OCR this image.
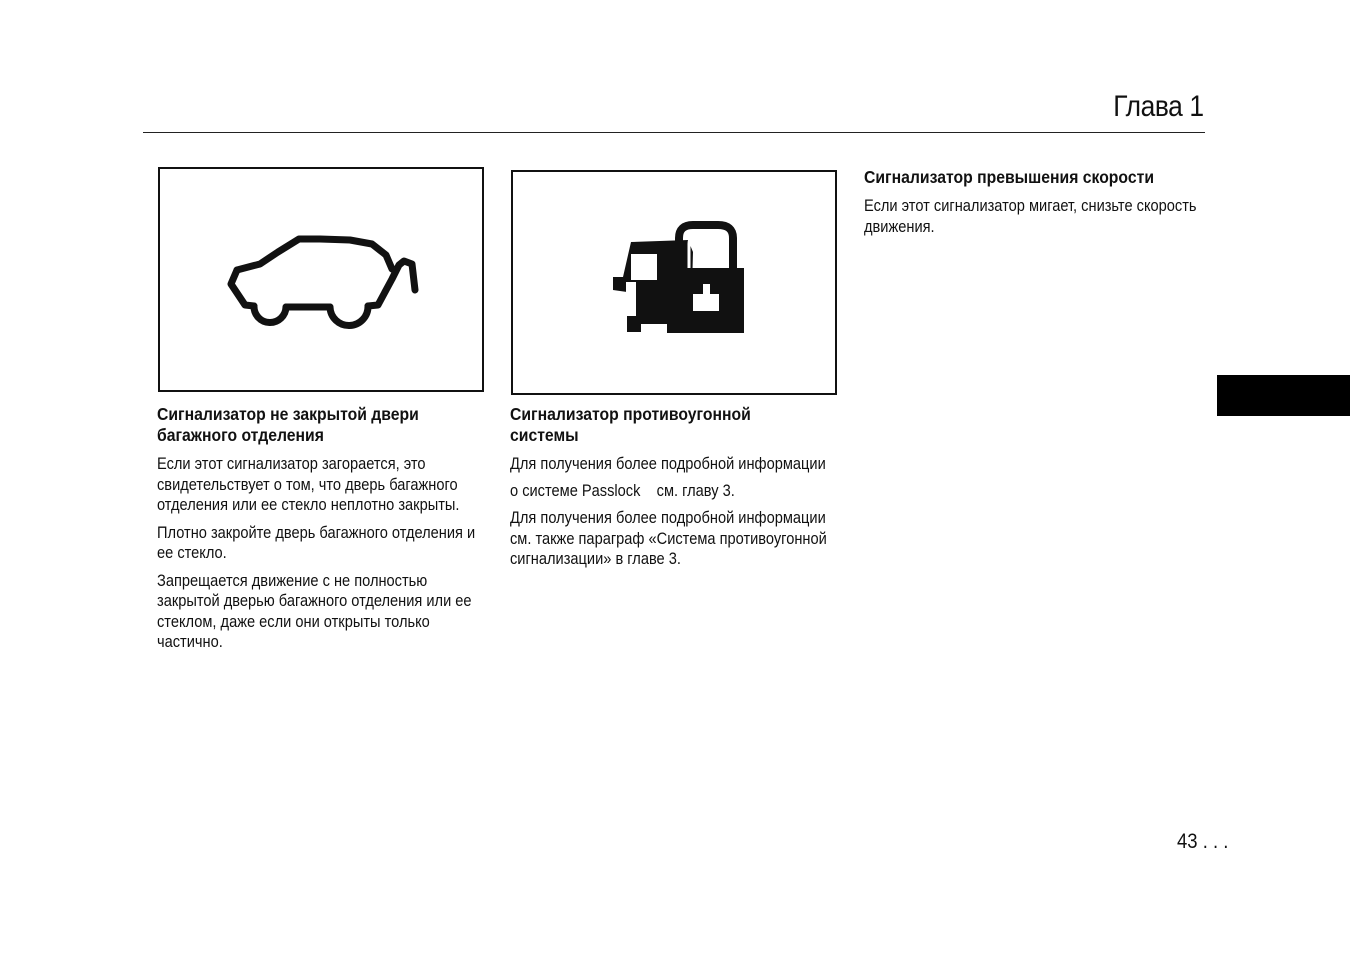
Глава 1
Сигнализатор не закрытой двери
багажного отделения

Если этот сигнализатор загорается, это свидетельствует о том, что дверь багажного отделения или ее стекло неплотно закрыты.

Плотно закройте дверь багажного отделения и ее стекло.

Запрещается движение с не полностью закрытой дверью багажного отделения или ее стеклом, даже если они открыты только частично.

Сигнализатор противоугонной
системы

Для получения более подробной информации

о системе Passlock    см. главу 3.

Для получения более подробной информации см. также параграф «Система противоугонной сигнализации» в главе 3.

Сигнализатор превышения скорости

Если этот сигнализатор мигает, снизьте скорость движения.

43 . . .
